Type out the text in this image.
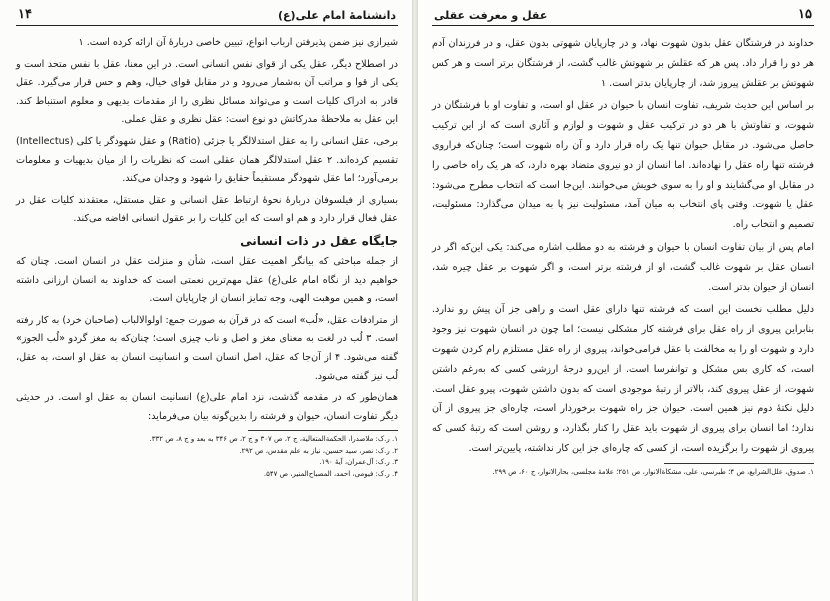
دانشنامهٔ امام علی(ع)
۱۴

شیرازی نیز ضمن پذیرفتن ارباب انواع، تبیین خاصی دربارهٔ آن ارائه کرده است. ۱

در اصطلاح دیگر، عقل یکی از قوای نفس انسانی است. در این معنا، عقل با نفس متحد است و یکی از قوا و مراتب آن به‌شمار می‌رود و در مقابل قوای خیال، وهم و حس قرار می‌گیرد. عقل قادر به ادراک کلیات است و می‌تواند مسائل نظری را از مقدمات بدیهی و معلوم استنباط کند. این عقل به ملاحظهٔ مدرکاتش دو نوع است: عقل نظری و عقل عملی.

برخی، عقل انسانی را به عقل استدلالگر یا جزئی (Ratio) و عقل شهودگر یا کلی (Intellectus) تقسیم کرده‌اند. ۲ عقل استدلالگر همان عقلی است که نظریات را از میان بدیهیات و معلومات برمی‌آورد؛ اما عقل شهودگر مستقیماً حقایق را شهود و وجدان می‌کند.

بسیاری از فیلسوفان دربارهٔ نحوهٔ ارتباط عقل انسانی و عقل مستقل، معتقدند کلیات عقل در عقل فعال قرار دارد و هم او است که این کلیات را بر عقول انسانی افاضه می‌کند.

جایگاه عقل در ذات انسانی

از جمله مباحثی که بیانگر اهمیت عقل است، شأن و منزلت عقل در انسان است. چنان که خواهیم دید از نگاه امام علی(ع) عقل مهم‌ترین نعمتی است که خداوند به انسان ارزانی داشته است، و همین موهبت الهی، وجه تمایز انسان از چارپایان است.

از مترادفات عقل، «لُب» است که در قرآن به صورت جمع: اولوالالباب (صاحبان خرد) به کار رفته است. ۳ لُب در لغت به معنای مغز و اصل و ناب چیزی است؛ چنان‌که به مغز گردو «لُب الجوز» گفته می‌شود. ۴ از آن‌جا که عقل، اصل انسان است و انسانیت انسان به عقل او است، به عقل، لُب نیز گفته می‌شود.

همان‌طور که در مقدمه گذشت، نزد امام علی(ع) انسانیت انسان به عقل او است. در حدیثی دیگر تفاوت انسان، حیوان و فرشته را بدین‌گونه بیان می‌فرماید:

۱. ر.ک: ملاصدرا، الحکمة‌المتعالیة، ج ۲، ص ۳۰۷ و ج ۲، ص ۳۴۶ به بعد و ج ۸، ص ۳۳۲.
۲. ر.ک: نصر، سید حسین، نیاز به علم مقدس، ص ۲۹۲.
۳. ر.ک: آل‌عمران، آیهٔ ۱۹۰.
۴. ر.ک: فیومی، احمد، المصباح‌المنیر، ص ۵۴۷.
۱۵
عقل و معرفت عقلی

خداوند در فرشتگان عقل بدون شهوت نهاد، و در چارپایان شهوتی بدون عقل، و در فرزندان آدم هر دو را قرار داد. پس هر که عقلش بر شهوتش غالب گشت، از فرشتگان برتر است و هر کس شهوتش بر عقلش پیروز شد، از چارپایان بدتر است. ۱

بر اساس این حدیث شریف، تفاوت انسان با حیوان در عقل او است، و تفاوت او با فرشتگان در شهوت، و تفاوتش با هر دو در ترکیب عقل و شهوت و لوازم و آثاری است که از این ترکیب حاصل می‌شود. در مقابل حیوان تنها یک راه قرار دارد و آن راه شهوت است؛ چنان‌که فراروی فرشته تنها راه عقل را نهاده‌اند. اما انسان از دو نیروی متضاد بهره دارد، که هر یک راه خاصی را در مقابل او می‌گشایند و او را به سوی خویش می‌خوانند. این‌جا است که انتخاب مطرح می‌شود: عقل یا شهوت. وقتی پای انتخاب به میان آمد، مسئولیت نیز پا به میدان می‌گذارد: مسئولیت، تصمیم و انتخاب راه.

امام پس از بیان تفاوت انسان با حیوان و فرشته به دو مطلب اشاره می‌کند: یکی این‌که اگر در انسان عقل بر شهوت غالب گشت، او از فرشته برتر است، و اگر شهوت بر عقل چیره شد، انسان از حیوان بدتر است.

دلیل مطلب نخست این است که فرشته تنها دارای عقل است و راهی جز آن پیش رو ندارد. بنابراین پیروی از راه عقل برای فرشته کار مشکلی نیست؛ اما چون در انسان شهوت نیز وجود دارد و شهوت او را به مخالفت با عقل فرامی‌خواند، پیروی از راه عقل مستلزم رام کردن شهوت است، که کاری بس مشکل و توانفرسا است. از این‌رو درجهٔ ارزشی کسی که به‌رغم داشتن شهوت، از عقل پیروی کند، بالاتر از رتبهٔ موجودی است که بدون داشتن شهوت، پیرو عقل است. دلیل نکتهٔ دوم نیز همین است. حیوان جز راه شهوت برخوردار است، چاره‌ای جز پیروی از آن ندارد؛ اما انسان برای پیروی از شهوت باید عقل را کنار بگذارد، و روشن است که رتبهٔ کسی که پیروی از شهوت را برگزیده است، از کسی که چاره‌ای جز این کار نداشته، پایین‌تر است.

۱. صدوق، علل‌الشرایع، ص ۴؛ طبرسی، علی، مشکاة‌الانوار، ص ۲۵۱؛ علامهٔ مجلسی، بحارالانوار، ج ۶۰، ص ۲۹۹.
